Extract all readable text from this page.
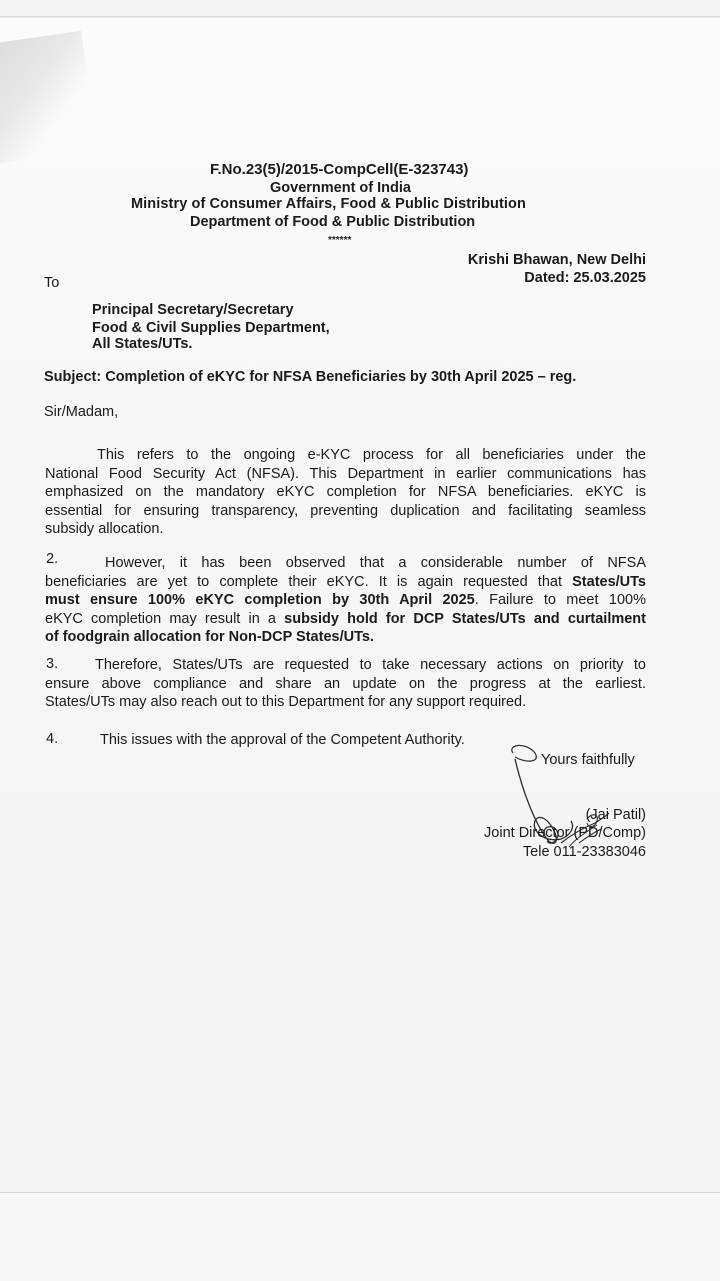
F.No.23(5)/2015-CompCell(E-323743)
Government of India
Ministry of Consumer Affairs, Food & Public Distribution
Department of Food & Public Distribution
******
Krishi Bhawan, New Delhi
Dated: 25.03.2025
To
Principal Secretary/Secretary
Food & Civil Supplies Department,
All States/UTs.
Subject: Completion of eKYC for NFSA Beneficiaries by 30th April 2025 – reg.
Sir/Madam,
This refers to the ongoing e-KYC process for all beneficiaries under the
National Food Security Act (NFSA). This Department in earlier communications has
emphasized on the mandatory eKYC completion for NFSA beneficiaries. eKYC is
essential for ensuring transparency, preventing duplication and facilitating seamless
subsidy allocation.
2.	However, it has been observed that a considerable number of NFSA
beneficiaries are yet to complete their eKYC. It is again requested that States/UTs
must ensure 100% eKYC completion by 30th April 2025. Failure to meet 100%
eKYC completion may result in a subsidy hold for DCP States/UTs and curtailment
of foodgrain allocation for Non-DCP States/UTs.
3.	Therefore, States/UTs are requested to take necessary actions on priority to
ensure above compliance and share an update on the progress at the earliest.
States/UTs may also reach out to this Department for any support required.
4.	This issues with the approval of the Competent Authority.
Yours faithfully
(Jai Patil)
Joint Director (PD/Comp)
Tele 011-23383046
